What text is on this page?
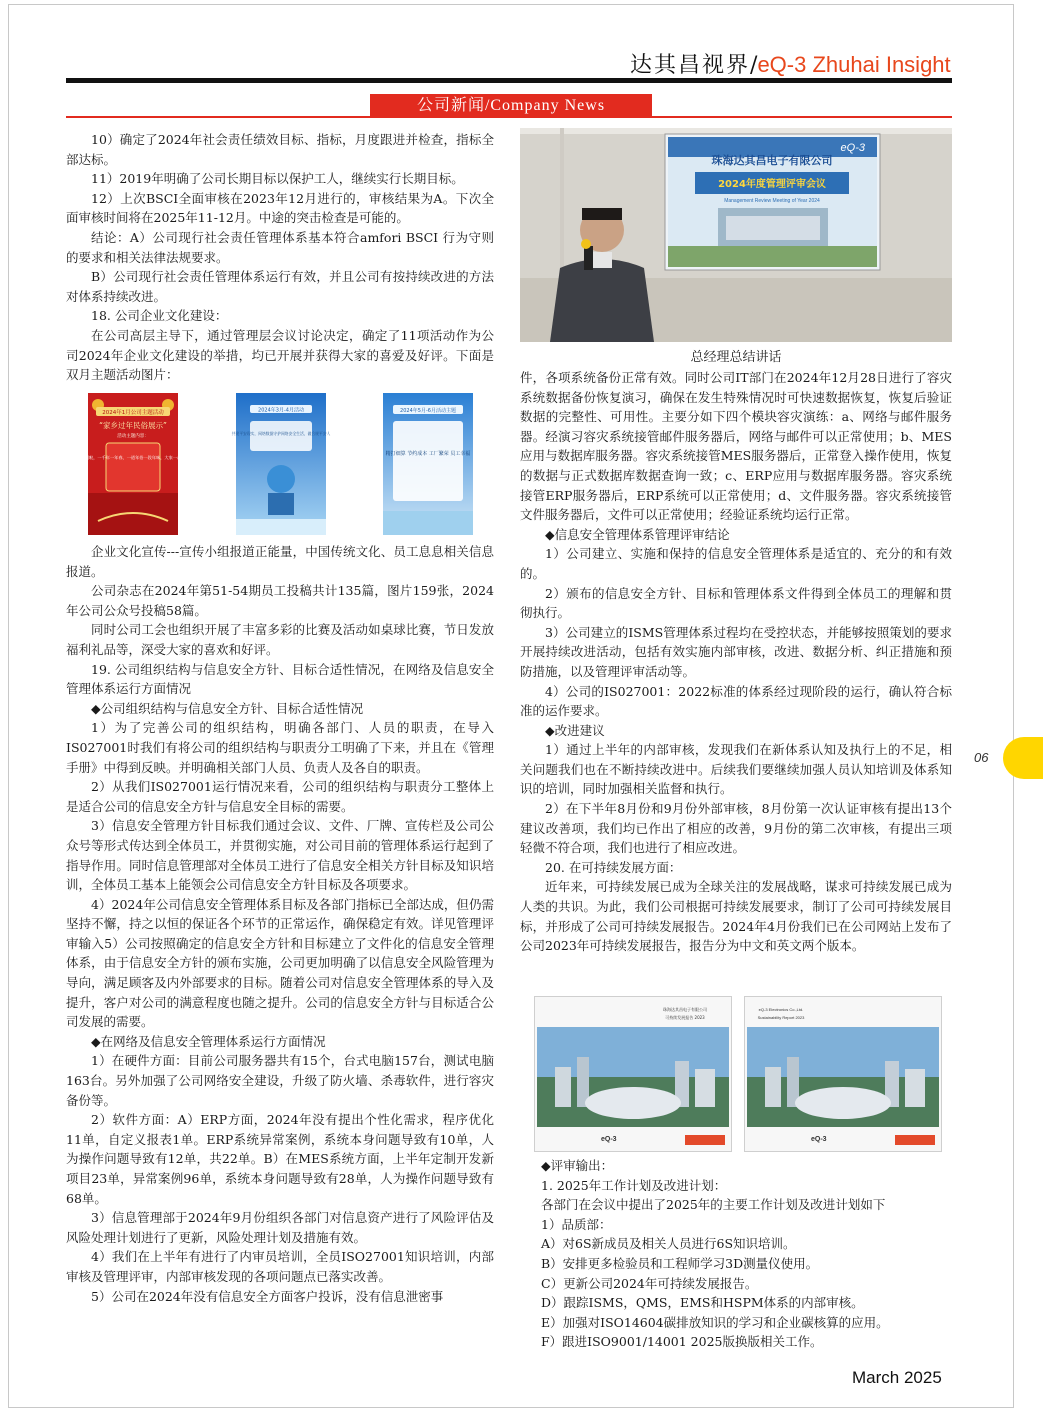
达其昌视界/eQ-3 Zhuhai Insight
公司新闻/Company News

10）确定了2024年社会责任绩效目标、指标，月度跟进并检查，指标全部达标。

11）2019年明确了公司长期目标以保护工人，继续实行长期目标。

12）上次BSCI全面审核在2023年12月进行的，审核结果为A。下次全面审核时间将在2025年11-12月。中途的突击检查是可能的。

结论：A）公司现行社会责任管理体系基本符合amfori BSCI 行为守则的要求和相关法律法规要求。

B）公司现行社会责任管理体系运行有效，并且公司有按持续改进的方法对体系持续改进。

18. 公司企业文化建设：

在公司高层主导下，通过管理层会议讨论决定，确定了11项活动作为公司2024年企业文化建设的举措，均已开展并获得大家的喜爱及好评。下面是双月主题活动图片：

2024年1月公司主题活动
“家乡过年民俗展示”
活动主题内容：
福年到啦，一千年一年春，一道年俗一段年味，大家一起来！
2024年3月-4月活动
共建平安现实，网络数据守护网络安全生活，做合规平安人
2024年5月-6月活动主题
精打细算 节约成本 工厂繁荣 员工幸福

企业文化宣传---宣传小组报道正能量，中国传统文化、员工息息相关信息报道。

公司杂志在2024年第51-54期员工投稿共计135篇，图片159张，2024年公司公众号投稿58篇。

同时公司工会也组织开展了丰富多彩的比赛及活动如桌球比赛，节日发放福利礼品等，深受大家的喜欢和好评。

19. 公司组织结构与信息安全方针、目标合适性情况，在网络及信息安全管理体系运行方面情况

◆公司组织结构与信息安全方针、目标合适性情况

1）为了完善公司的组织结构，明确各部门、人员的职责，在导入IS027001时我们有将公司的组织结构与职责分工明确了下来，并且在《管理手册》中得到反映。并明确相关部门人员、负责人及各自的职责。

2）从我们IS027001运行情况来看，公司的组织结构与职责分工整体上是适合公司的信息安全方针与信息安全目标的需要。

3）信息安全管理方针目标我们通过会议、文件、厂牌、宣传栏及公司公众号等形式传达到全体员工，并贯彻实施，对公司目前的管理体系运行起到了指导作用。同时信息管理部对全体员工进行了信息安全相关方针目标及知识培训，全体员工基本上能领会公司信息安全方针目标及各项要求。

4）2024年公司信息安全管理体系目标及各部门指标已全部达成，但仍需坚持不懈，持之以恒的保证各个环节的正常运作，确保稳定有效。详见管理评审输入5）公司按照确定的信息安全方针和目标建立了文件化的信息安全管理体系，由于信息安全方针的颁布实施，公司更加明确了以信息安全风险管理为导向，满足顾客及内外部要求的目标。随着公司对信息安全管理体系的导入及提升，客户对公司的满意程度也随之提升。公司的信息安全方针与目标适合公司发展的需要。

◆在网络及信息安全管理体系运行方面情况

1）在硬件方面：目前公司服务器共有15个，台式电脑157台，测试电脑163台。另外加强了公司网络安全建设，升级了防火墙、杀毒软件，进行容灾备份等。

2）软件方面：A）ERP方面，2024年没有提出个性化需求，程序优化11单，自定义报表1单。ERP系统异常案例，系统本身问题导致有10单，人为操作问题导致有12单，共22单。B）在MES系统方面，上半年定制开发新项目23单，异常案例96单，系统本身问题导致有28单，人为操作问题导致有68单。

3）信息管理部于2024年9月份组织各部门对信息资产进行了风险评估及风险处理计划进行了更新，风险处理计划及措施有效。

4）我们在上半年有进行了内审员培训，全员ISO27001知识培训，内部审核及管理评审，内部审核发现的各项问题点已落实改善。

5）公司在2024年没有信息安全方面客户投诉，没有信息泄密事

eQ-3
珠海达其昌电子有限公司
2024年度管理评审会议
Management Review Meeting of Year 2024
总经理总结讲话

件，各项系统备份正常有效。同时公司IT部门在2024年12月28日进行了容灾系统数据备份恢复演习，确保在发生特殊情况时可快速数据恢复，恢复后验证数据的完整性、可用性。主要分如下四个模块容灾演练：a、网络与邮件服务器。经演习容灾系统接管邮件服务器后，网络与邮件可以正常使用；b、MES应用与数据库服务器。容灾系统接管MES服务器后，正常登入操作使用，恢复的数据与正式数据库数据查询一致；c、ERP应用与数据库服务器。容灾系统接管ERP服务器后，ERP系统可以正常使用；d、文件服务器。容灾系统接管文件服务器后，文件可以正常使用；经验证系统均运行正常。

◆信息安全管理体系管理评审结论

1）公司建立、实施和保持的信息安全管理体系是适宜的、充分的和有效的。

2）颁布的信息安全方针、目标和管理体系文件得到全体员工的理解和贯彻执行。

3）公司建立的ISMS管理体系过程均在受控状态，并能够按照策划的要求开展持续改进活动，包括有效实施内部审核，改进、数据分析、纠正措施和预防措施，以及管理评审活动等。

4）公司的IS027001：2022标准的体系经过现阶段的运行，确认符合标准的运作要求。

◆改进建议

1）通过上半年的内部审核，发现我们在新体系认知及执行上的不足，相关问题我们也在不断持续改进中。后续我们要继续加强人员认知培训及体系知识的培训，同时加强相关监督和执行。

2）在下半年8月份和9月份外部审核，8月份第一次认证审核有提出13个建议改善项，我们均已作出了相应的改善，9月份的第二次审核，有提出三项轻微不符合项，我们也进行了相应改进。

20. 在可持续发展方面：

近年来，可持续发展已成为全球关注的发展战略，谋求可持续发展已成为人类的共识。为此，我们公司根据可持续发展要求，制订了公司可持续发展目标，并形成了公司可持续发展报告。2024年4月份我们已在公司网站上发布了公司2023年可持续发展报告，报告分为中文和英文两个版本。

珠海达其昌电子有限公司
可持续发展报告 2023
eQ-3
eQ-3 Electronics Co.,Ltd.
Sustainability Report 2023
eQ-3

◆评审输出：

1. 2025年工作计划及改进计划：

各部门在会议中提出了2025年的主要工作计划及改进计划如下

1）品质部：

A）对6S新成员及相关人员进行6S知识培训。

B）安排更多检验员和工程师学习3D测量仪使用。

C）更新公司2024年可持续发展报告。

D）跟踪ISMS，QMS，EMS和HSPM体系的内部审核。

E）加强对ISO14604碳排放知识的学习和企业碳核算的应用。

F）跟进ISO9001/14001 2025版换版相关工作。

06
March 2025
